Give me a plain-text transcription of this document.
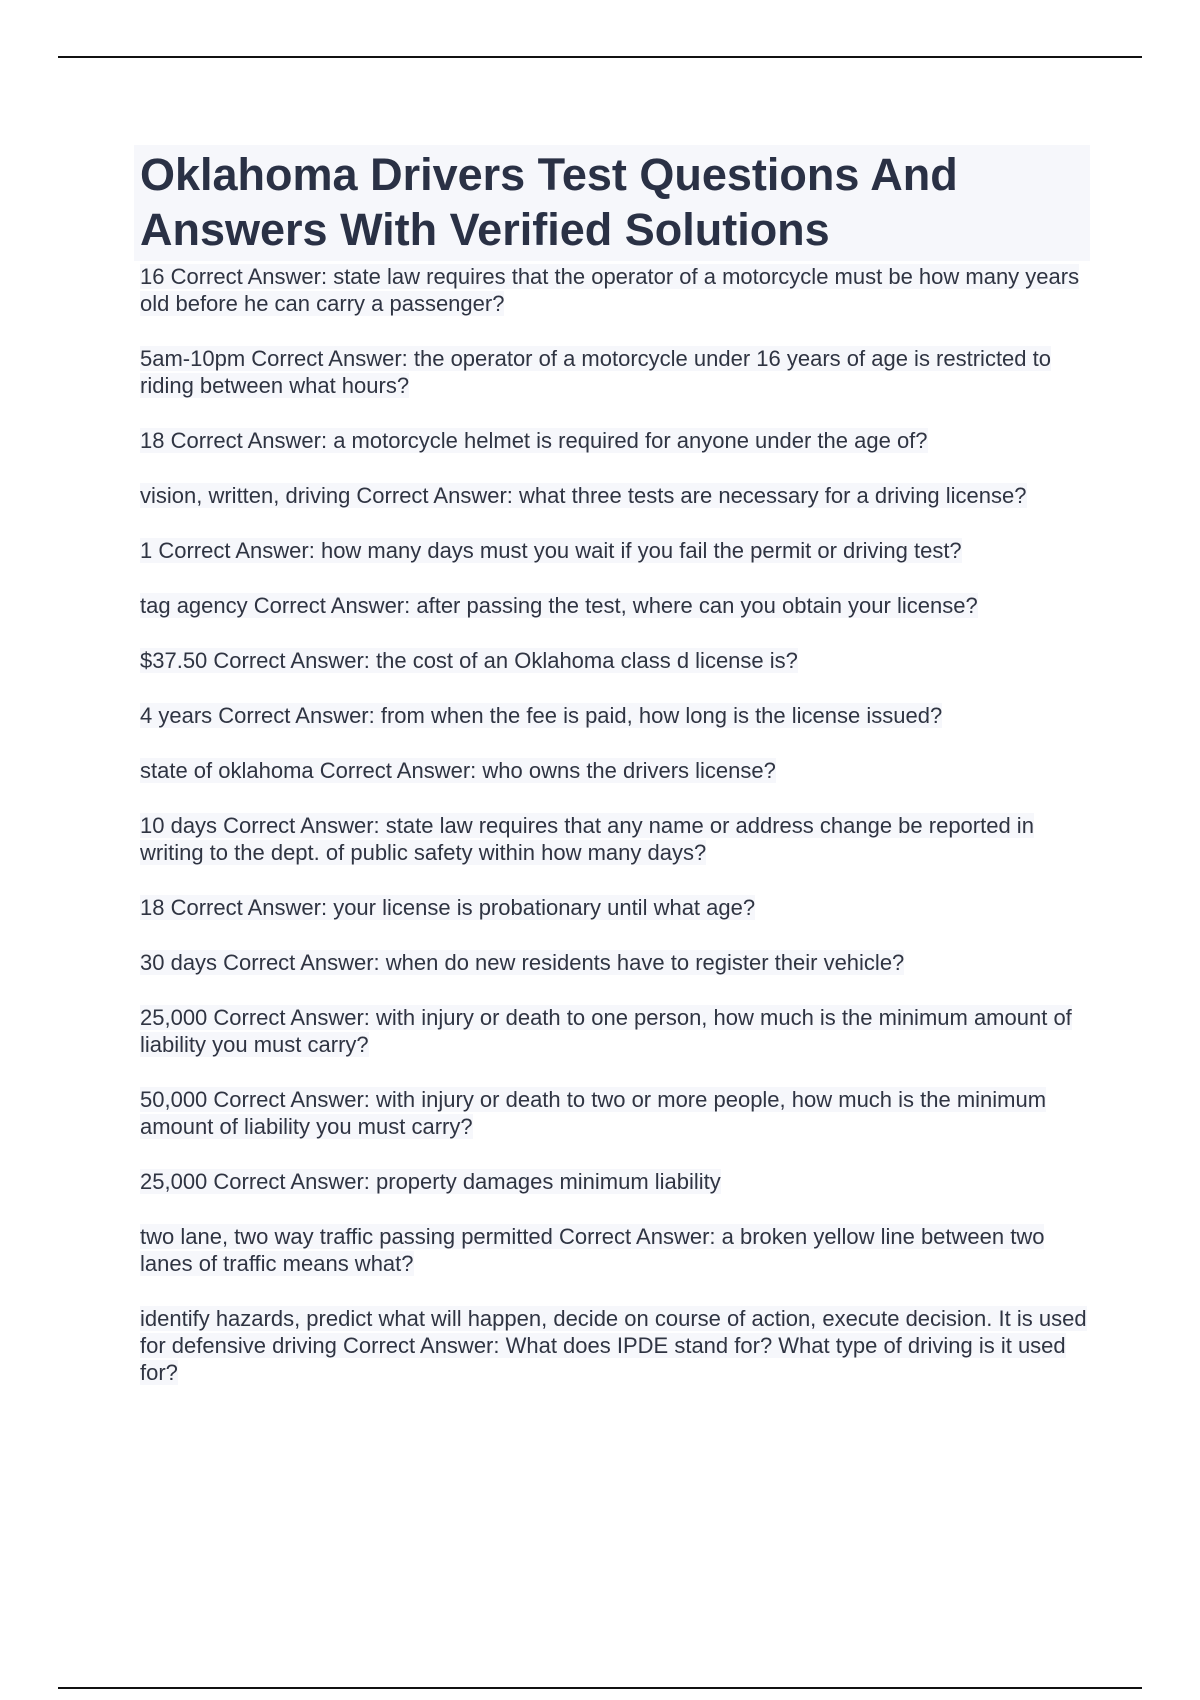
Oklahoma Drivers Test Questions And Answers With Verified Solutions
16 Correct Answer: state law requires that the operator of a motorcycle must be how many years old before he can carry a passenger?
5am-10pm Correct Answer: the operator of a motorcycle under 16 years of age is restricted to riding between what hours?
18 Correct Answer: a motorcycle helmet is required for anyone under the age of?
vision, written, driving Correct Answer: what three tests are necessary for a driving license?
1 Correct Answer: how many days must you wait if you fail the permit or driving test?
tag agency Correct Answer: after passing the test, where can you obtain your license?
$37.50 Correct Answer: the cost of an Oklahoma class d license is?
4 years Correct Answer: from when the fee is paid, how long is the license issued?
state of oklahoma Correct Answer: who owns the drivers license?
10 days Correct Answer: state law requires that any name or address change be reported in writing to the dept. of public safety within how many days?
18 Correct Answer: your license is probationary until what age?
30 days Correct Answer: when do new residents have to register their vehicle?
25,000 Correct Answer: with injury or death to one person, how much is the minimum amount of liability you must carry?
50,000 Correct Answer: with injury or death to two or more people, how much is the minimum amount of liability you must carry?
25,000 Correct Answer: property damages minimum liability
two lane, two way traffic passing permitted Correct Answer: a broken yellow line between two lanes of traffic means what?
identify hazards, predict what will happen, decide on course of action, execute decision. It is used for defensive driving Correct Answer: What does IPDE stand for? What type of driving is it used for?
